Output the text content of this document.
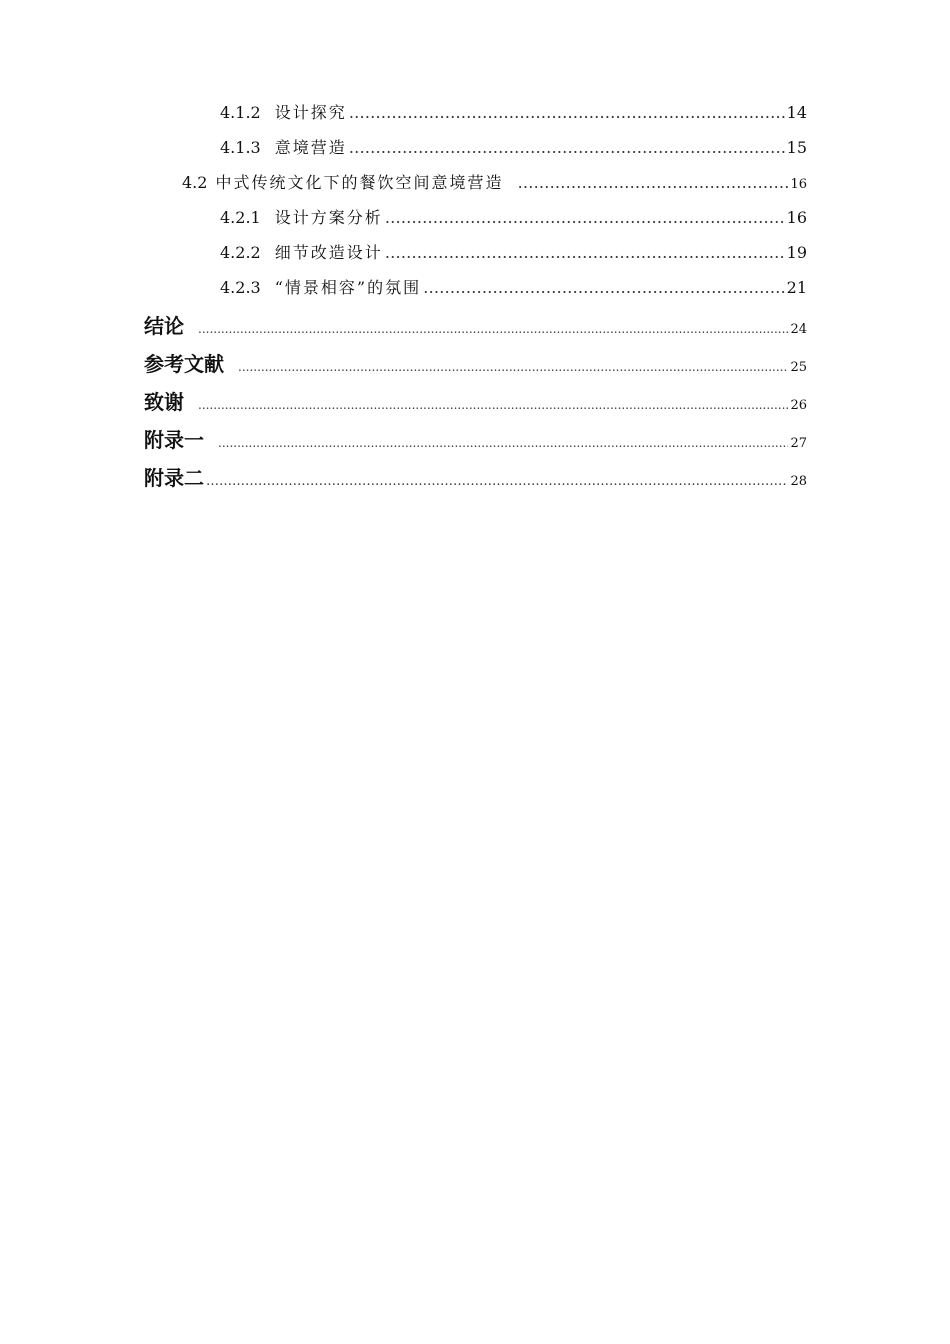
4.1.2 设计探究 ………………………………………………………………………………………………………………………………………………………………	14
4.1.3 意境营造 ………………………………………………………………………………………………………………………………………………………………	15
4.2 中式传统文化下的餐饮空间意境营造 ………………………………………………………………………………………………………………………………………………………………	16
4.2.1 设计方案分析 ………………………………………………………………………………………………………………………………………………………………	16
4.2.2 细节改造设计 ………………………………………………………………………………………………………………………………………………………………	19
4.2.3 “情景相容”的氛围 ………………………………………………………………………………………………………………………………………………………………	21
结论 .....	24
参考文献 .....	25
致谢 .....	26
附录一 .....	27
附录二 ………………………………………………………………………………………………………………………………………………………………	28
